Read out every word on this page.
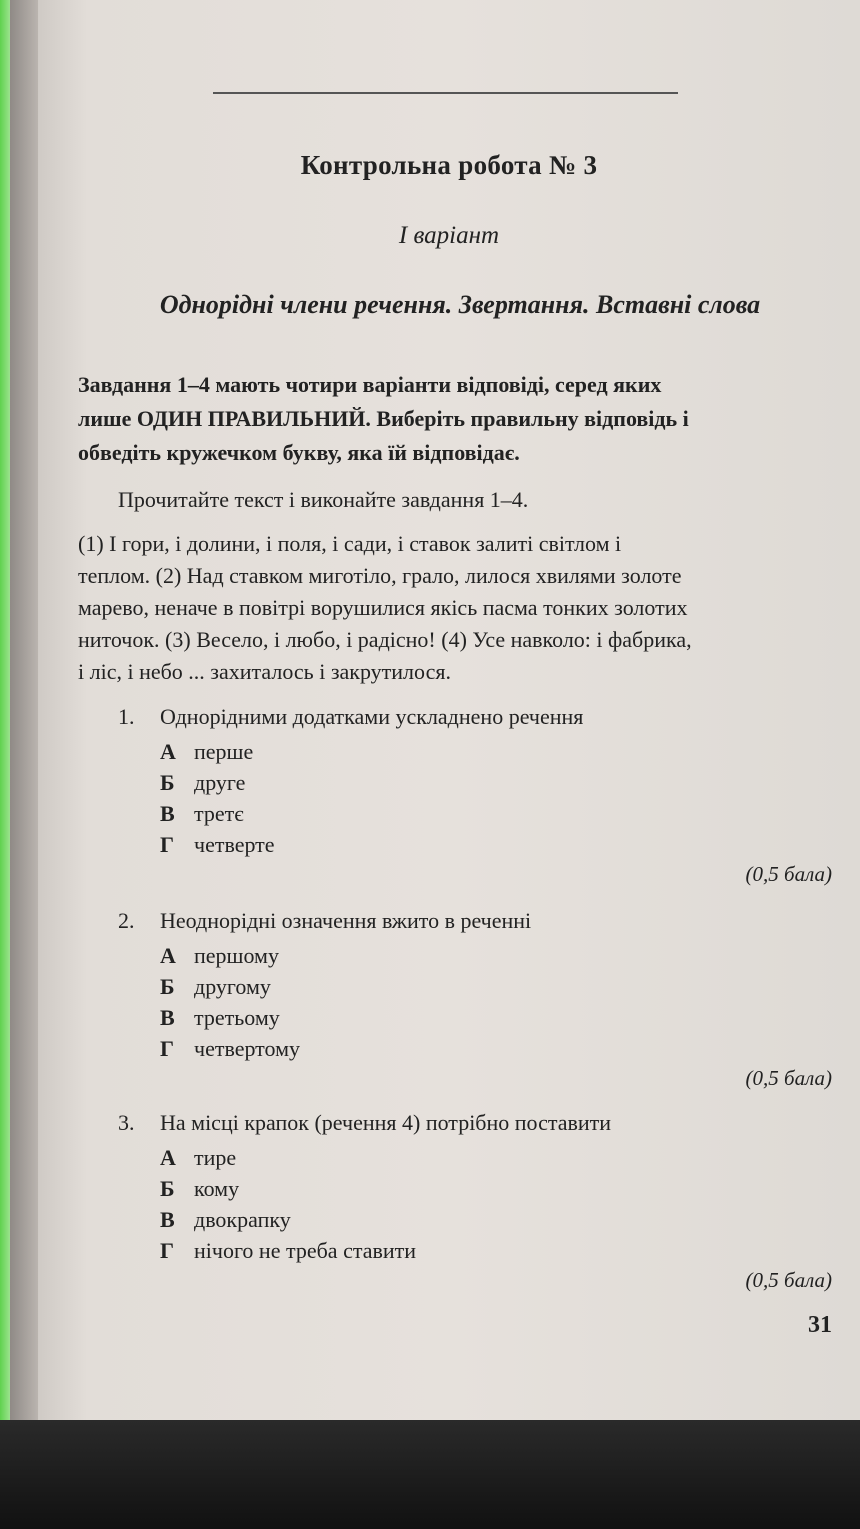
Контрольна робота № 3
І варіант
Однорідні члени речення. Звертання. Вставні слова
Завдання 1–4 мають чотири варіанти відповіді, серед яких
лише ОДИН ПРАВИЛЬНИЙ. Виберіть правильну відповідь і
обведіть кружечком букву, яка їй відповідає.
Прочитайте текст і виконайте завдання 1–4.
(1) І гори, і долини, і поля, і сади, і ставок залиті світлом і
теплом. (2) Над ставком миготіло, грало, лилося хвилями золоте
марево, неначе в повітрі ворушилися якісь пасма тонких золотих
ниточок. (3) Весело, і любо, і радісно! (4) Усе навколо: і фабрика,
і ліс, і небо ... захиталось і закрутилося.
1.	Однорідними додатками ускладнено речення
А перше
Б друге
В третє
Г четверте
(0,5 бала)
2.	Неоднорідні означення вжито в реченні
А першому
Б другому
В третьому
Г четвертому
(0,5 бала)
3.	На місці крапок (речення 4) потрібно поставити
А тире
Б кому
В двокрапку
Г нічого не треба ставити
(0,5 бала)
31
